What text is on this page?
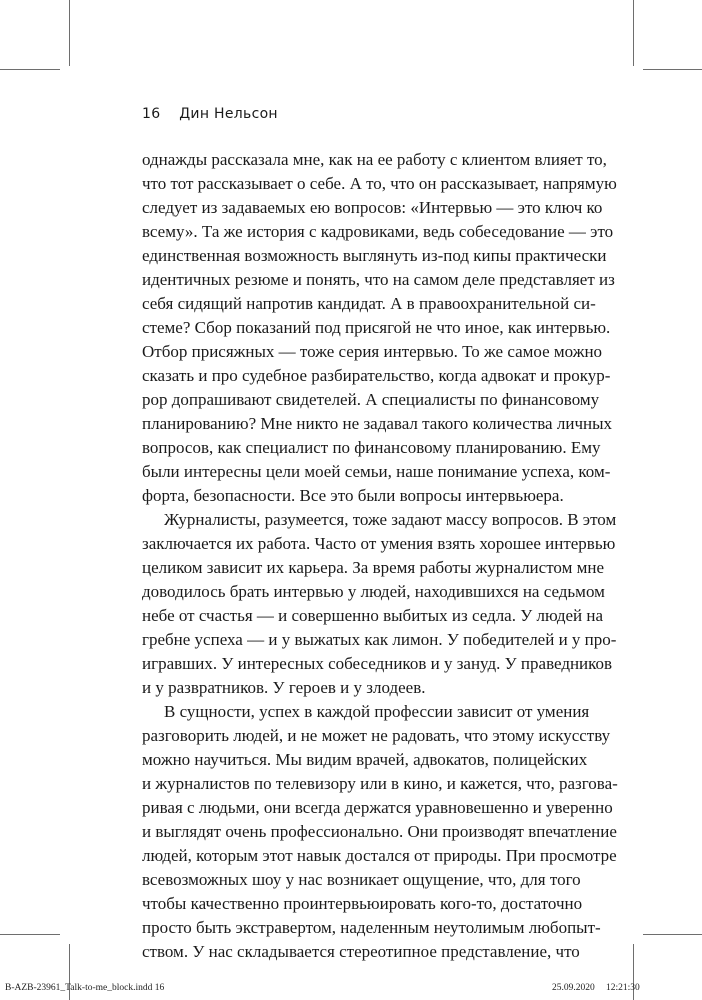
16 Дин Нельсон
однажды рассказала мне, как на ее работу с клиентом влияет то,
что тот рассказывает о себе. А то, что он рассказывает, напрямую
следует из задаваемых ею вопросов: «Интервью — это ключ ко
всему». Та же история с кадровиками, ведь собеседование — это
единственная возможность выглянуть из-под кипы практически
идентичных резюме и понять, что на самом деле представляет из
себя сидящий напротив кандидат. А в правоохранительной си-
стеме? Сбор показаний под присягой не что иное, как интервью.
Отбор присяжных — тоже серия интервью. То же самое можно
сказать и про судебное разбирательство, когда адвокат и прокур-
рор допрашивают свидетелей. А специалисты по финансовому
планированию? Мне никто не задавал такого количества личных
вопросов, как специалист по финансовому планированию. Ему
были интересны цели моей семьи, наше понимание успеха, ком-
форта, безопасности. Все это были вопросы интервьюера.
Журналисты, разумеется, тоже задают массу вопросов. В этом
заключается их работа. Часто от умения взять хорошее интервью
целиком зависит их карьера. За время работы журналистом мне
доводилось брать интервью у людей, находившихся на седьмом
небе от счастья — и совершенно выбитых из седла. У людей на
гребне успеха — и у выжатых как лимон. У победителей и у про-
игравших. У интересных собеседников и у зануд. У праведников
и у развратников. У героев и у злодеев.
В сущности, успех в каждой профессии зависит от умения
разговорить людей, и не может не радовать, что этому искусству
можно научиться. Мы видим врачей, адвокатов, полицейских
и журналистов по телевизору или в кино, и кажется, что, разгова-
ривая с людьми, они всегда держатся уравновешенно и уверенно
и выглядят очень профессионально. Они производят впечатление
людей, которым этот навык достался от природы. При просмотре
всевозможных шоу у нас возникает ощущение, что, для того
чтобы качественно проинтервьюировать кого-то, достаточно
просто быть экстравертом, наделенным неутолимым любопыт-
ством. У нас складывается стереотипное представление, что
B-AZB-23961_Talk-to-me_block.indd 16	25.09.2020 12:21:30
